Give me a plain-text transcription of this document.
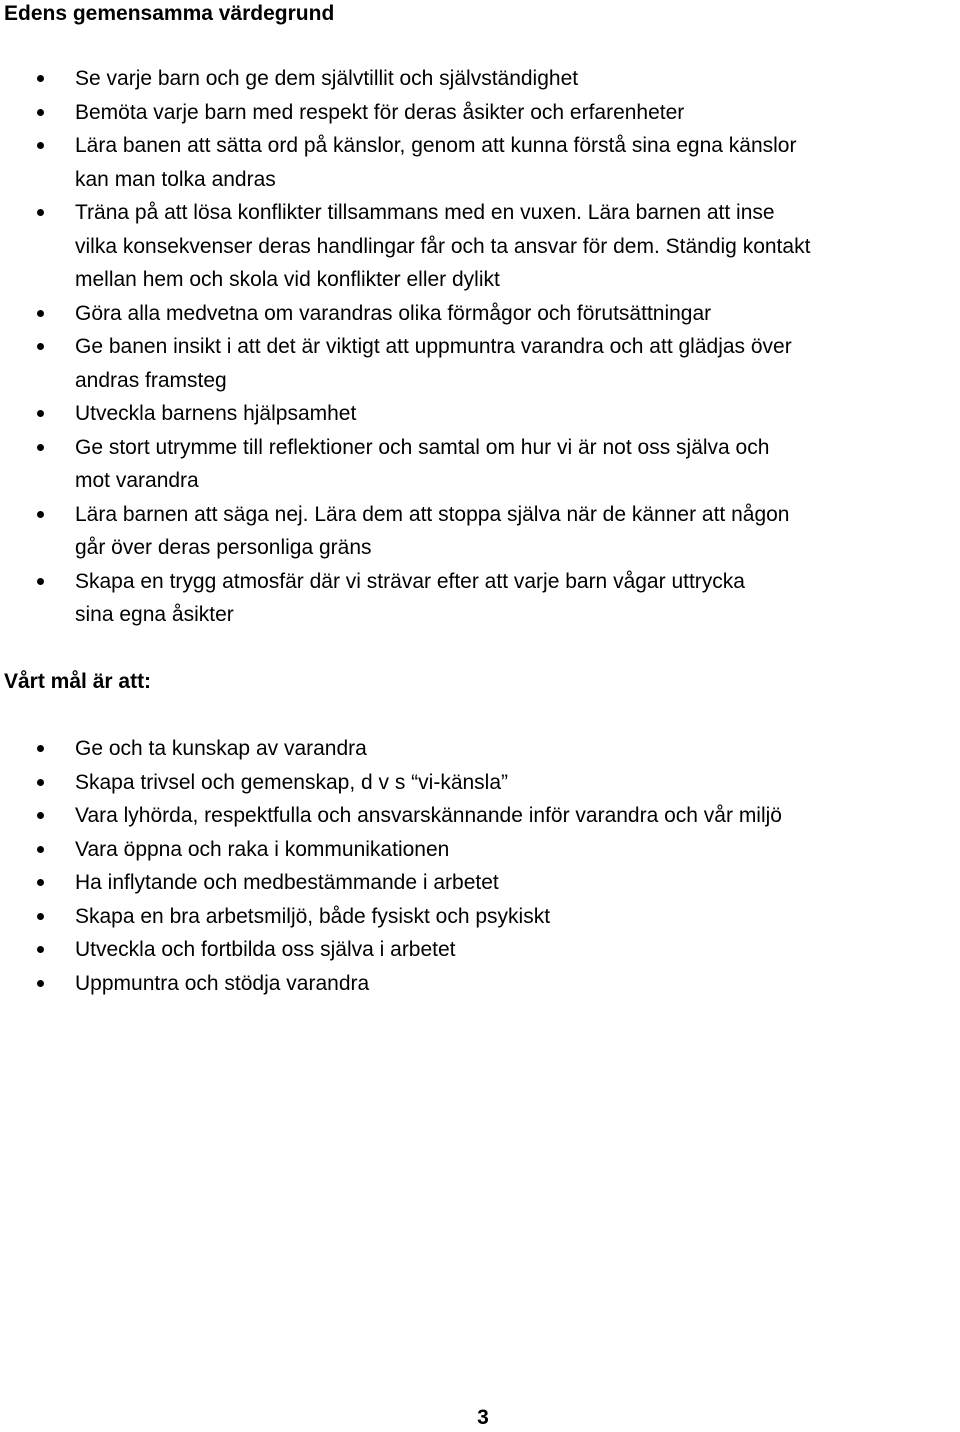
Edens gemensamma värdegrund
Se varje barn och ge dem självtillit och självständighet
Bemöta varje barn med respekt för deras åsikter och erfarenheter
Lära banen att sätta ord på känslor, genom att kunna förstå sina egna känslor
kan man tolka andras
Träna på att lösa konflikter tillsammans med en vuxen. Lära barnen att inse
vilka konsekvenser deras handlingar får och ta ansvar för dem. Ständig kontakt
mellan hem och skola vid konflikter eller dylikt
Göra alla medvetna om varandras olika förmågor och förutsättningar
Ge banen insikt i att det är viktigt att uppmuntra varandra och att glädjas över
andras framsteg
Utveckla barnens hjälpsamhet
Ge stort utrymme till reflektioner och samtal om hur vi är not oss själva och
mot varandra
Lära barnen att säga nej. Lära dem att stoppa själva när de känner att någon
går över deras personliga gräns
Skapa en trygg atmosfär där vi strävar efter att varje barn vågar uttrycka
sina egna åsikter
Vårt mål är att:
Ge och ta kunskap av varandra
Skapa trivsel och gemenskap, d v s “vi-känsla”
Vara lyhörda, respektfulla och ansvarskännande inför varandra och vår miljö
Vara öppna och raka i kommunikationen
Ha inflytande och medbestämmande i arbetet
Skapa en bra arbetsmiljö, både fysiskt och psykiskt
Utveckla och fortbilda oss själva i arbetet
Uppmuntra och stödja varandra
3
